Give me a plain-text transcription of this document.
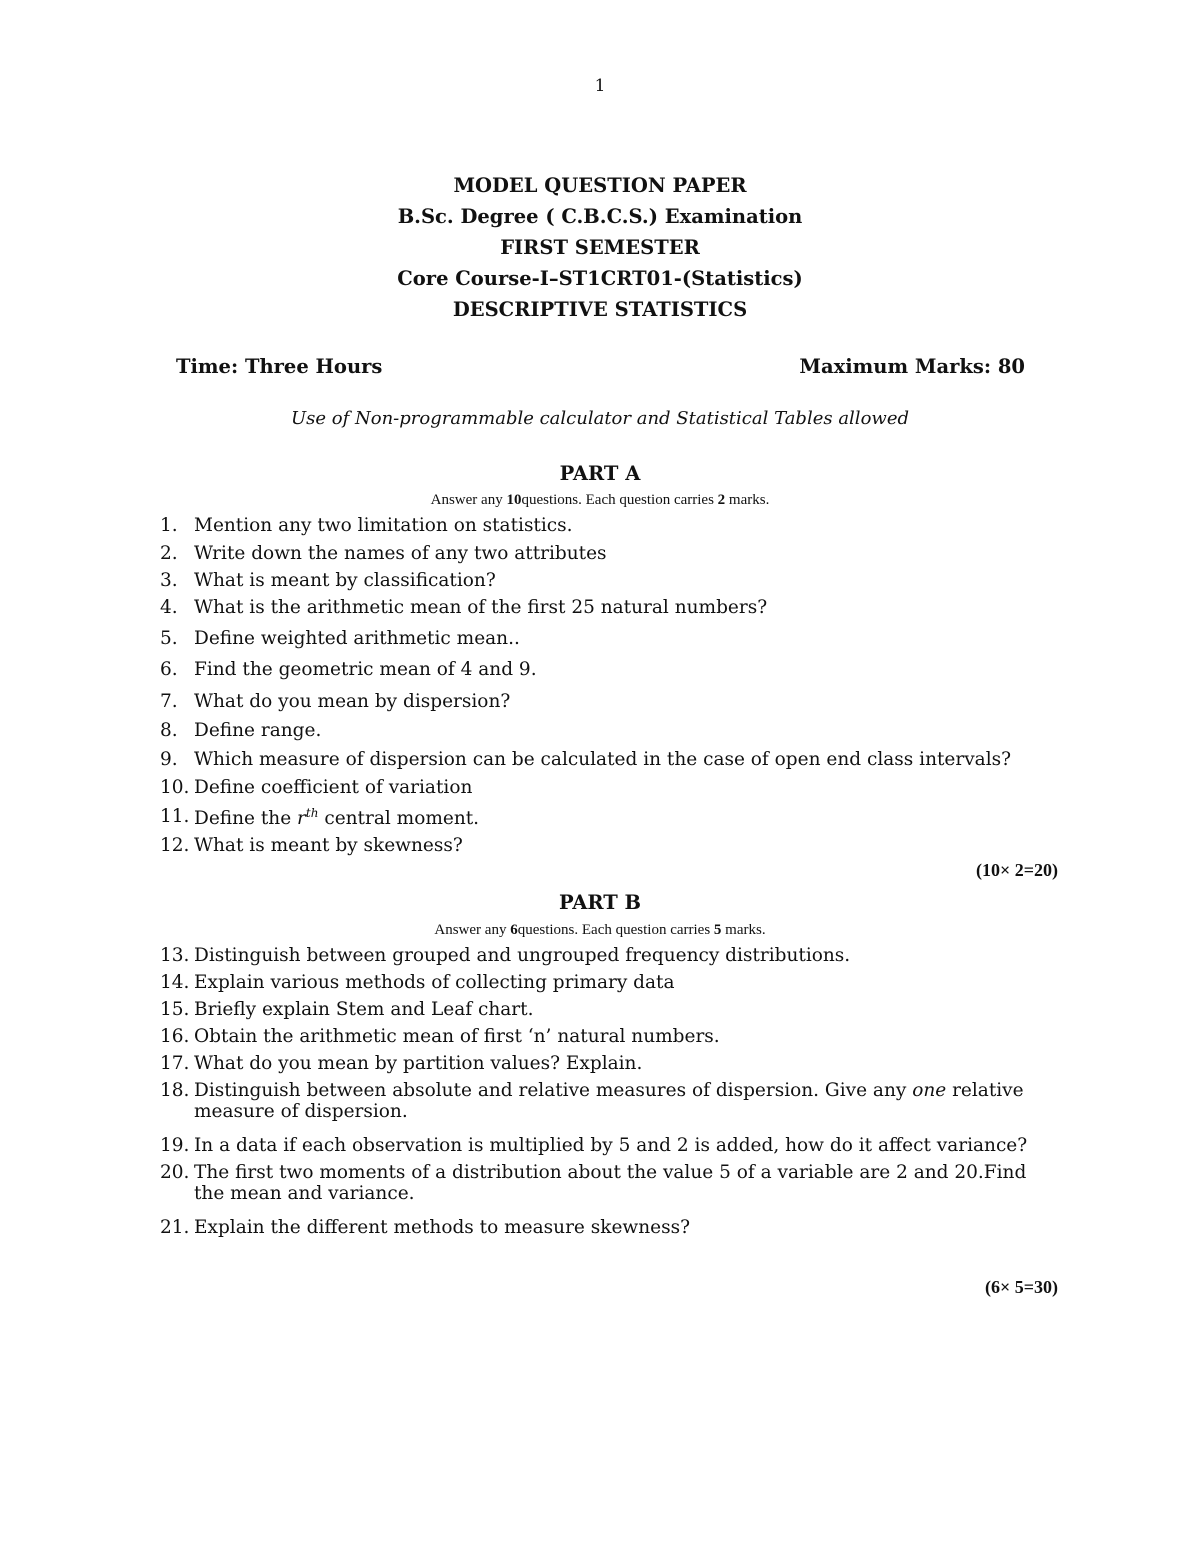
1
MODEL QUESTION PAPER
B.Sc. Degree ( C.B.C.S.) Examination
FIRST SEMESTER
Core Course-I–ST1CRT01-(Statistics)
DESCRIPTIVE STATISTICS
Time: Three Hours	Maximum Marks: 80
Use of Non-programmable calculator and Statistical Tables allowed
PART A
Answer any 10questions. Each question carries 2 marks.
1. Mention any two limitation on statistics.
2. Write down the names of any two attributes
3. What is meant by classification?
4. What is the arithmetic mean of the first 25 natural numbers?
5. Define weighted arithmetic mean..
6. Find the geometric mean of 4 and 9.
7. What do you mean by dispersion?
8. Define range.
9. Which measure of dispersion can be calculated in the case of open end class intervals?
10. Define coefficient of variation
11. Define the $r^{th}$ central moment.
12. What is meant by skewness?
(10× 2=20)
PART B
Answer any 6questions. Each question carries 5 marks.
13. Distinguish between grouped and ungrouped frequency distributions.
14. Explain various methods of collecting primary data
15. Briefly explain Stem and Leaf chart.
16. Obtain the arithmetic mean of first ‘n’ natural numbers.
17. What do you mean by partition values? Explain.
18. Distinguish between absolute and relative measures of dispersion. Give any one relative measure of dispersion.
19. In a data if each observation is multiplied by 5 and 2 is added, how do it affect variance?
20. The first two moments of a distribution about the value 5 of a variable are 2 and 20.Find the mean and variance.
21. Explain the different methods to measure skewness?
(6× 5=30)
